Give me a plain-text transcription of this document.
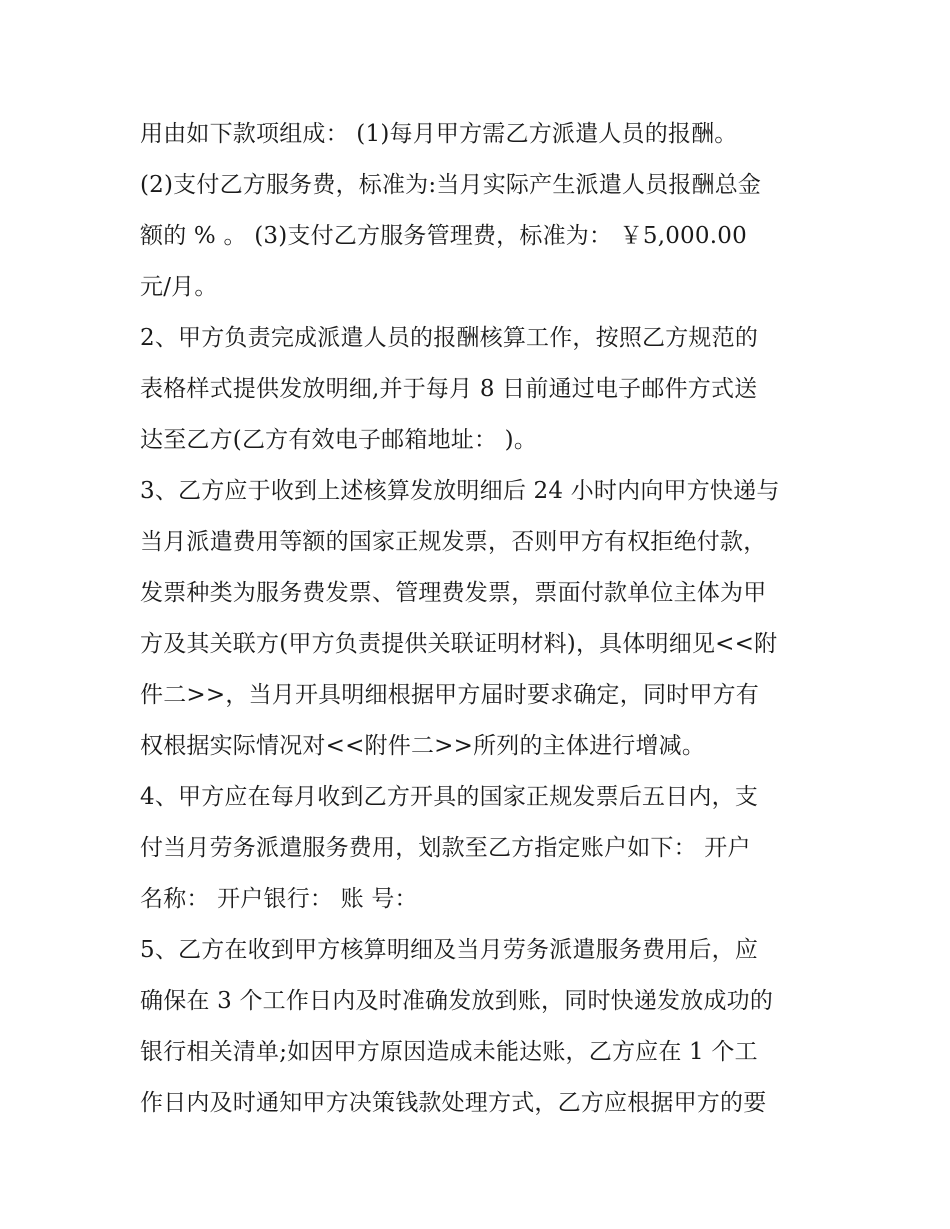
用由如下款项组成： (1)每月甲方需乙方派遣人员的报酬。
(2)支付乙方服务费，标准为:当月实际产生派遣人员报酬总金
额的 % 。 (3)支付乙方服务管理费，标准为： ￥5,000.00
元/月。
2、甲方负责完成派遣人员的报酬核算工作，按照乙方规范的
表格样式提供发放明细,并于每月 8 日前通过电子邮件方式送
达至乙方(乙方有效电子邮箱地址： )。
3、乙方应于收到上述核算发放明细后 24 小时内向甲方快递与
当月派遣费用等额的国家正规发票，否则甲方有权拒绝付款，
发票种类为服务费发票、管理费发票，票面付款单位主体为甲
方及其关联方(甲方负责提供关联证明材料)，具体明细见<<附
件二>>，当月开具明细根据甲方届时要求确定，同时甲方有
权根据实际情况对<<附件二>>所列的主体进行增减。
4、甲方应在每月收到乙方开具的国家正规发票后五日内，支
付当月劳务派遣服务费用，划款至乙方指定账户如下： 开户
名称： 开户银行： 账 号：
5、乙方在收到甲方核算明细及当月劳务派遣服务费用后，应
确保在 3 个工作日内及时准确发放到账，同时快递发放成功的
银行相关清单;如因甲方原因造成未能达账，乙方应在 1 个工
作日内及时通知甲方决策钱款处理方式，乙方应根据甲方的要
